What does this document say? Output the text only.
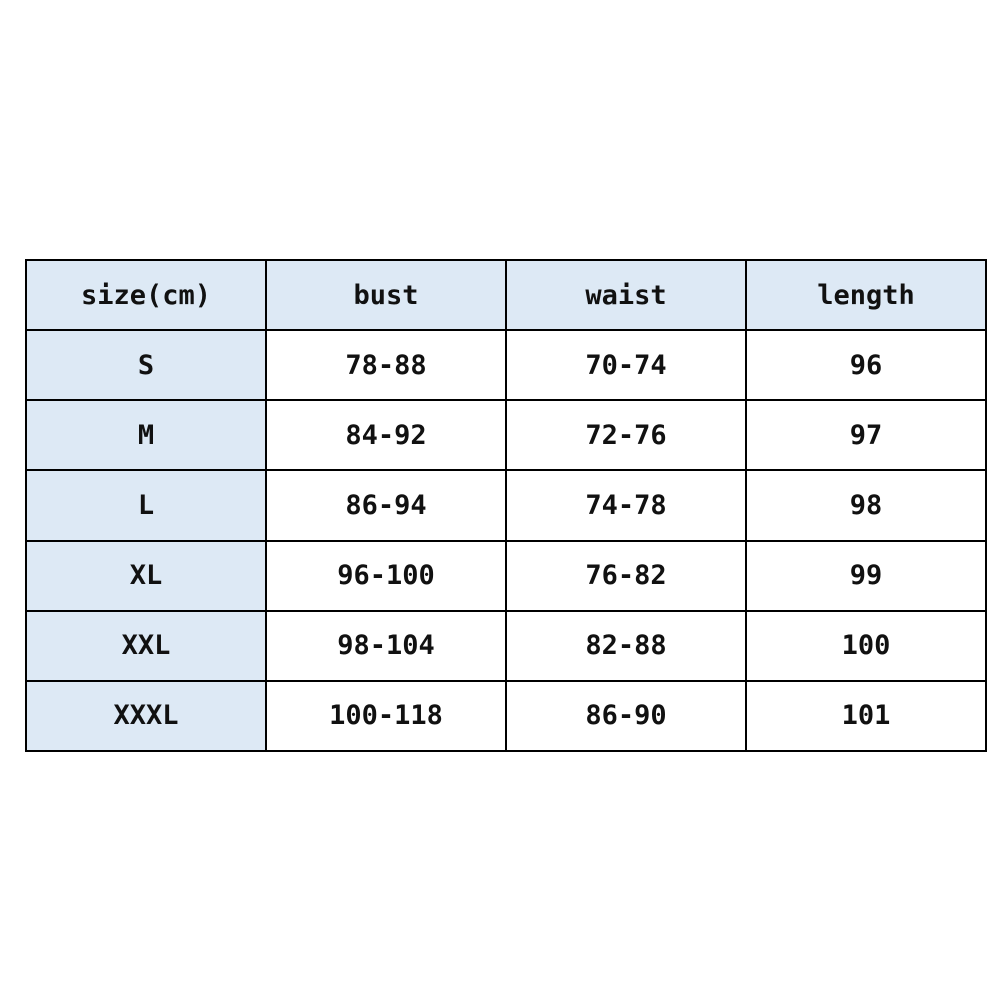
size(cm)	bust	waist	length
S	78-88	70-74	96
M	84-92	72-76	97
L	86-94	74-78	98
XL	96-100	76-82	99
XXL	98-104	82-88	100
XXXL	100-118	86-90	101
